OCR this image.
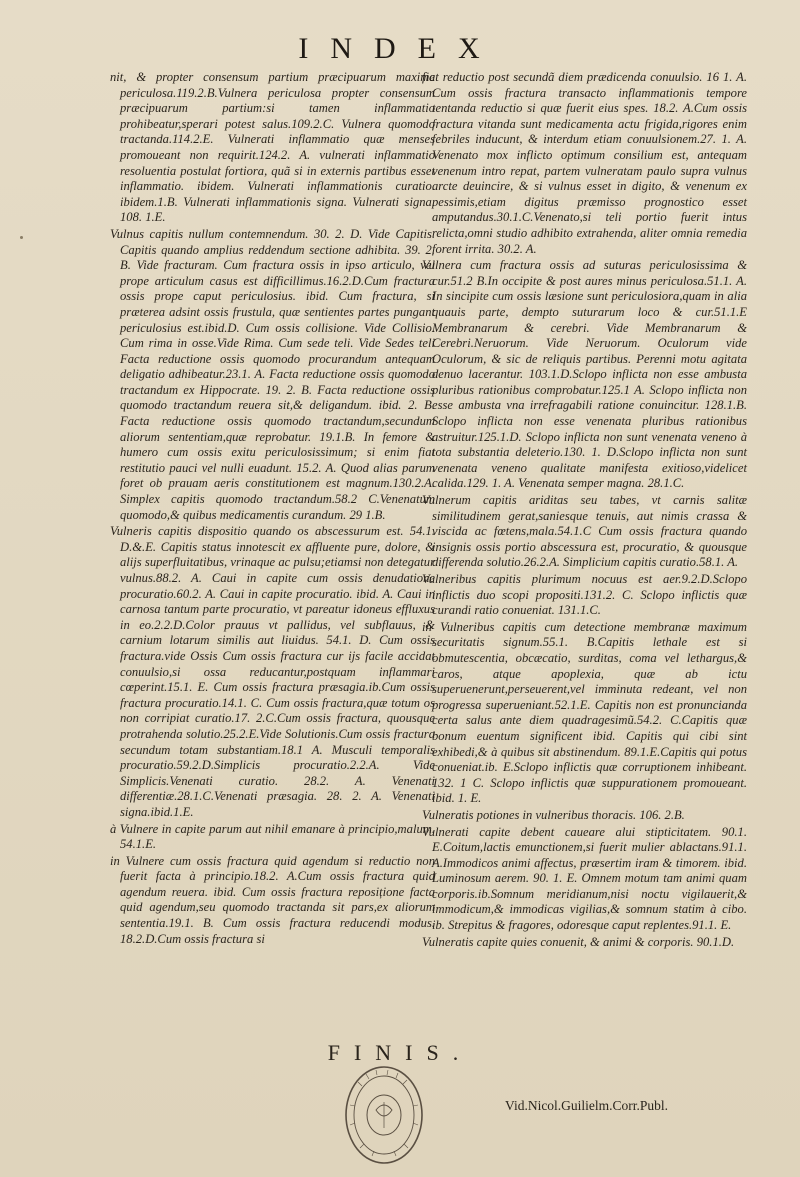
INDEX

nit, & propter consensum partium præcipuarum maxime periculosa.119.2.B.Vulnera periculosa propter consensum præcipuarum partium:si tamen inflammatio prohibeatur,sperari potest salus.109.2.C. Vulnera quomodo tractanda.114.2.E. Vulnerati inflammatio quæ menses promoueant non requirit.124.2. A. vulnerati inflammatio resoluentia postulat fortiora, quã si in externis partibus esset inflammatio. ibidem. Vulnerati inflammationis curatio. ibidem.1.B. Vulnerati inflammationis signa. Vulnerati signa. 108. 1.E.

Vulnus capitis nullum contemnendum. 30. 2. D. Vide Capitis. Capitis quando amplius reddendum sectione adhibita. 39. 2. B. Vide fracturam. Cum fractura ossis in ipso articulo, vel prope articulum casus est difficillimus.16.2.D.Cum fractura ossis prope caput periculosius. ibid. Cum fractura, si præterea adsint ossis frustula, quæ sentientes partes pungant periculosius est.ibid.D. Cum ossis collisione. Vide Collisio. Cum rima in osse.Vide Rima. Cum sede teli. Vide Sedes teli Facta reductione ossis quomodo procurandum antequam deligatio adhibeatur.23.1. A. Facta reductione ossis quomodo tractandum ex Hippocrate. 19. 2. B. Facta reductione ossis quomodo tractandum reuera sit,& deligandum. ibid. 2. B. Facta reductione ossis quomodo tractandum,secundum aliorum sententiam,quæ reprobatur. 19.1.B. In femore & humero cum ossis exitu periculosissimum; si enim fiat restitutio pauci vel nulli euadunt. 15.2. A. Quod alias parum foret ob prauam aeris constitutionem est magnum.130.2.A. Simplex capitis quomodo tractandum.58.2 C.Venenatum quomodo,& quibus medicamentis curandum. 29 1.B.

Vulneris capitis dispositio quando os abscessurum est. 54.1. D.&.E. Capitis status innotescit ex affluente pure, dolore, & alijs superfluitatibus, vrinaque ac pulsu;etiamsi non detegatur vulnus.88.2. A. Caui in capite cum ossis denudatione procuratio.60.2. A. Caui in capite procuratio. ibid. A. Caui in carnosa tantum parte procuratio, vt pareatur idoneus effluxus in eo.2.2.D.Color prauus vt pallidus, vel subflauus, & carnium lotarum similis aut liuidus. 54.1. D. Cum ossis fractura.vide Ossis Cum ossis fractura cur ijs facile accidat conuulsio,si ossa reducantur,postquam inflammari cœperint.15.1. E. Cum ossis fractura præsagia.ib.Cum ossis fractura procuratio.14.1. C. Cum ossis fractura,quæ totum os non corripiat curatio.17. 2.C.Cum ossis fractura, quousque protrahenda solutio.25.2.E.Vide Solutionis.Cum ossis fractura secundum totam substantiam.18.1 A. Musculi temporalis procuratio.59.2.D.Simplicis procuratio.2.2.A. Vide Simplicis.Venenati curatio. 28.2. A. Venenati differentiæ.28.1.C.Venenati præsagia. 28. 2. A. Venenati signa.ibid.1.E.

à Vulnere in capite parum aut nihil emanare à principio,malum. 54.1.E.

in Vulnere cum ossis fractura quid agendum si reductio non fuerit facta à principio.18.2. A.Cum ossis fractura quid agendum reuera. ibid. Cum ossis fractura reposițione facta quid agendum,seu quomodo tractanda sit pars,ex aliorum sententia.19.1. B. Cum ossis fractura reducendi modus. 18.2.D.Cum ossis fractura si

fiat reductio post secundã diem prædicenda conuulsio. 16 1. A. Cum ossis fractura transacto inflammationis tempore tentanda reductio si quæ fuerit eius spes. 18.2. A.Cum ossis fractura vitanda sunt medicamenta actu frigida,rigores enim febriles inducunt, & interdum etiam conuulsionem.27. 1. A. Venenato mox inflicto optimum consilium est, antequam venenum intro repat, partem vulneratam paulo supra vulnus arcte deuincire, & si vulnus esset in digito, & venenum ex pessimis,etiam digitus præmisso prognostico esset amputandus.30.1.C.Venenato,si teli portio fuerit intus relicta,omni studio adhibito extrahenda, aliter omnia remedia forent irrita. 30.2. A.

Vulnera cum fractura ossis ad suturas periculosissima & cur.51.2 B.In occipite & post aures minus periculosa.51.1. A. In sincipite cum ossis læsione sunt periculosiora,quam in alia quauis parte, dempto suturarum loco & cur.51.1.E Membranarum & cerebri. Vide Membranarum & Cerebri.Neruorum. Vide Neruorum. Oculorum vide Oculorum, & sic de reliquis partibus. Perenni motu agitata denuo lacerantur. 103.1.D.Sclopo inflicta non esse ambusta pluribus rationibus comprobatur.125.1 A. Sclopo inflicta non esse ambusta vna irrefragabili ratione conuincitur. 128.1.B. Sclopo inflicta non esse venenata pluribus rationibus astruitur.125.1.D. Sclopo inflicta non sunt venenata veneno à tota substantia deleterio.130. 1. D.Sclopo inflicta non sunt venenata veneno qualitate manifesta exitioso,videlicet calida.129. 1. A. Venenata semper magna. 28.1.C.

Vulnerum capitis ariditas seu tabes, vt carnis salitæ similitudinem gerat,saniesque tenuis, aut nimis crassa & viscida ac fœtens,mala.54.1.C Cum ossis fractura quando insignis ossis portio abscessura est, procuratio, & quousque differenda solutio.26.2.A. Simplicium capitis curatio.58.1. A.

Vulneribus capitis plurimum nocuus est aer.9.2.D.Sclopo inflictis duo scopi propositi.131.2. C. Sclopo inflictis quæ curandi ratio conueniat. 131.1.C.

in Vulneribus capitis cum detectione membranæ maximum securitatis signum.55.1. B.Capitis lethale est si obmutescentia, obcæcatio, surditas, coma vel lethargus,& caros, atque apoplexia, quæ ab ictu superuenerunt,perseuerent,vel imminuta redeant, vel non progressa superueniant.52.1.E. Capitis non est pronuncianda certa salus ante diem quadragesimũ.54.2. C.Capitis quæ bonum euentum significent ibid. Capitis qui cibi sint exhibedi,& à quibus sit abstinendum. 89.1.E.Capitis qui potus conueniat.ib. E.Sclopo inflictis quæ corruptionem inhibeant. 132. 1 C. Sclopo inflictis quæ suppurationem promoueant. ibid. 1. E.

Vulneratis potiones in vulneribus thoracis. 106. 2.B.

Vulnerati capite debent caueare alui stipticitatem. 90.1. E.Coitum,lactis emunctionem,si fuerit mulier ablactans.91.1. A.Immodicos animi affectus, præsertim iram & timorem. ibid. Luminosum aerem. 90. 1. E. Omnem motum tam animi quam corporis.ib.Somnum meridianum,nisi noctu vigilauerit,& immodicum,& immodicas vigilias,& somnum statim à cibo. ib. Strepitus & fragores, odoresque caput replentes.91.1. E.

Vulneratis capite quies conuenit, & animi & corporis. 90.1.D.

FINIS.
Vid.Nicol.Guilielm.Corr.Publ.
